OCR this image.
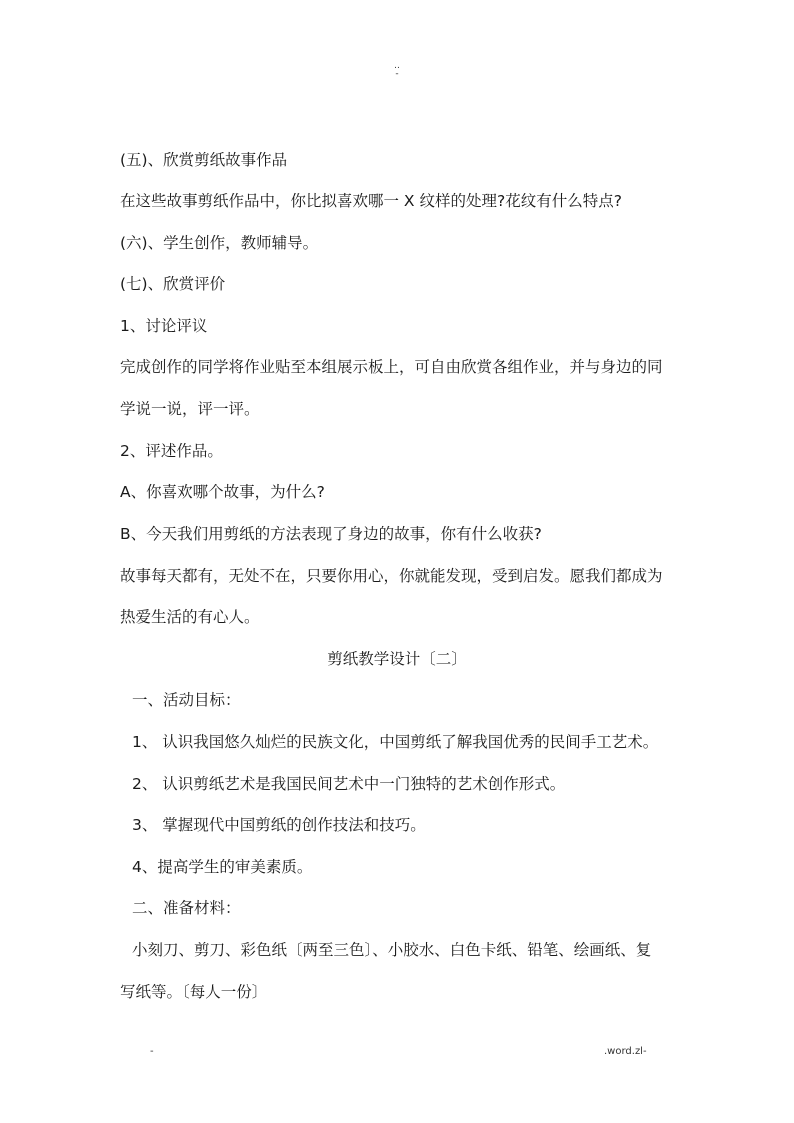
..
-
(五)、欣赏剪纸故事作品
在这些故事剪纸作品中，你比拟喜欢哪一 X 纹样的处理?花纹有什么特点?
(六)、学生创作，教师辅导。
(七)、欣赏评价
1、讨论评议
完成创作的同学将作业贴至本组展示板上，可自由欣赏各组作业，并与身边的同
学说一说，评一评。
2、评述作品。
A、你喜欢哪个故事，为什么?
B、今天我们用剪纸的方法表现了身边的故事，你有什么收获?
故事每天都有，无处不在，只要你用心，你就能发现，受到启发。愿我们都成为
热爱生活的有心人。
剪纸教学设计〔二〕
一、活动目标：
1、 认识我国悠久灿烂的民族文化，中国剪纸了解我国优秀的民间手工艺术。
2、 认识剪纸艺术是我国民间艺术中一门独特的艺术创作形式。
3、 掌握现代中国剪纸的创作技法和技巧。
4、提高学生的审美素质。
二、准备材料：
小刻刀、剪刀、彩色纸〔两至三色〕、小胶水、白色卡纸、铅笔、绘画纸、复
写纸等。〔每人一份〕
-	.word.zl-
